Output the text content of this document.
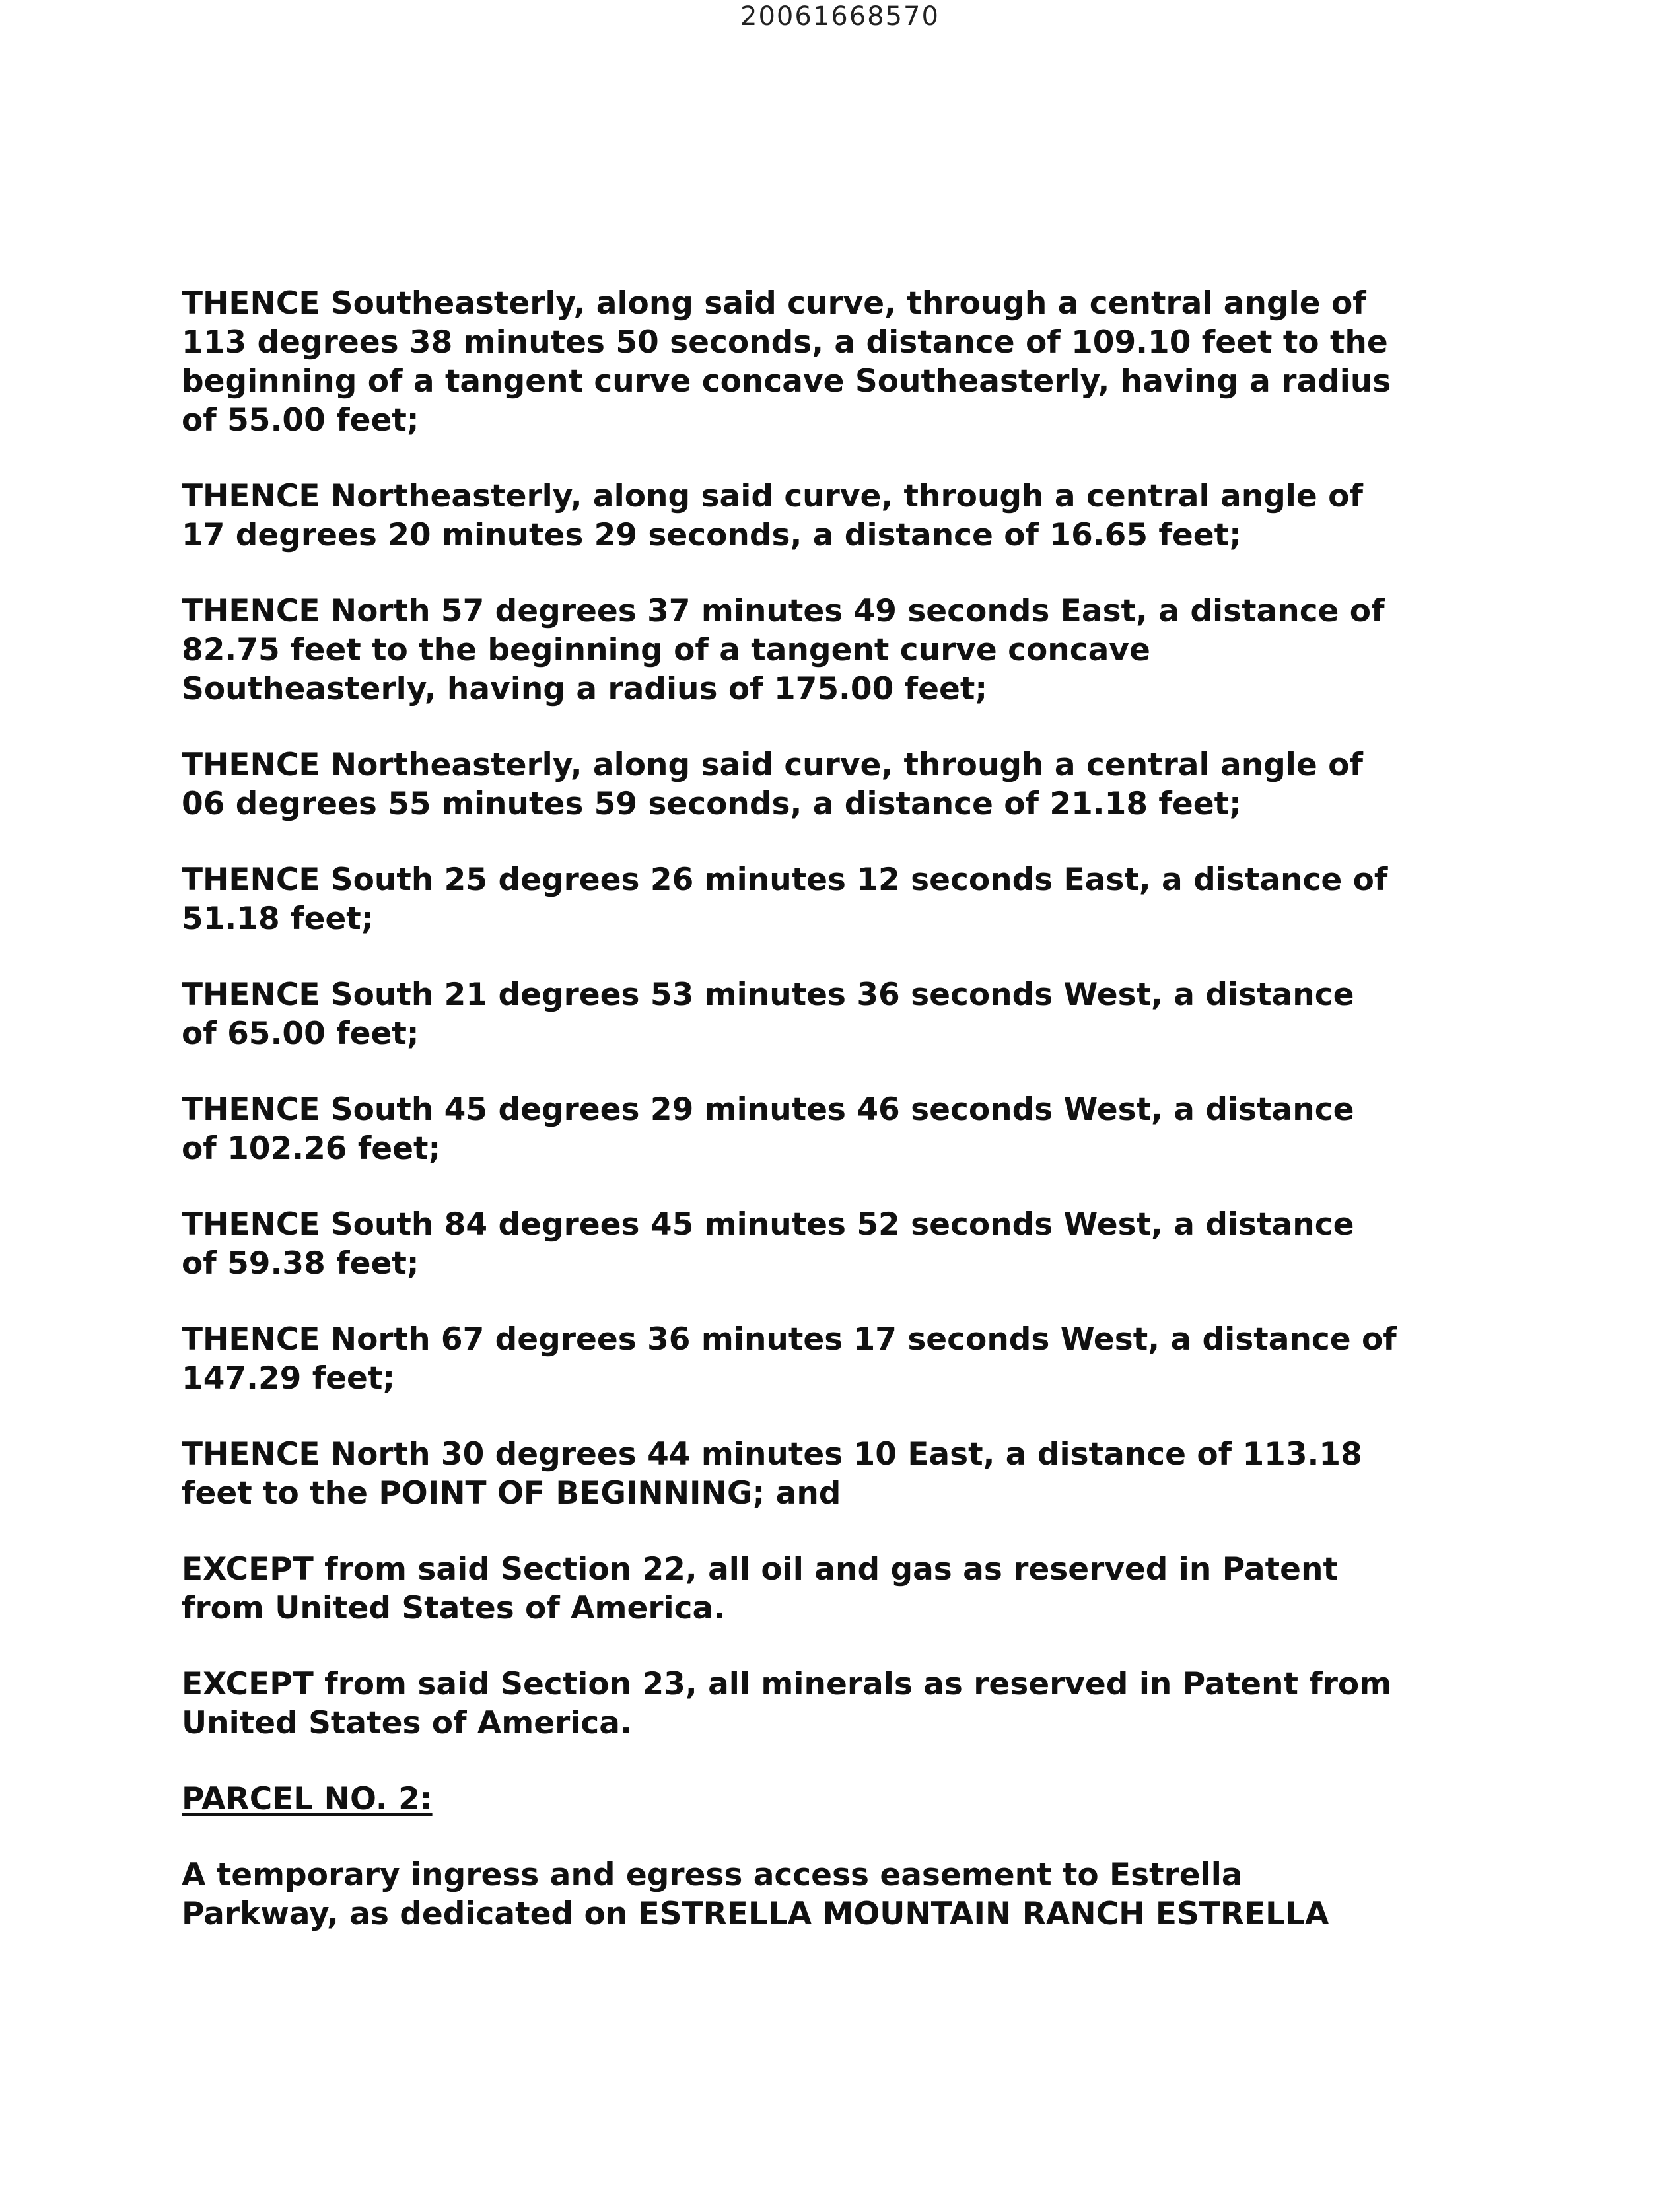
20061668570

THENCE Southeasterly, along said curve, through a central angle of
113 degrees 38 minutes 50 seconds, a distance of 109.10 feet to the
beginning of a tangent curve concave Southeasterly, having a radius
of 55.00 feet;

THENCE Northeasterly, along said curve, through a central angle of
17 degrees 20 minutes 29 seconds, a distance of 16.65 feet;

THENCE North 57 degrees 37 minutes 49 seconds East, a distance of
82.75 feet to the beginning of a tangent curve concave
Southeasterly, having a radius of 175.00 feet;

THENCE Northeasterly, along said curve, through a central angle of
06 degrees 55 minutes 59 seconds, a distance of 21.18 feet;

THENCE South 25 degrees 26 minutes 12 seconds East, a distance of
51.18 feet;

THENCE South 21 degrees 53 minutes 36 seconds West, a distance
of 65.00 feet;

THENCE South 45 degrees 29 minutes 46 seconds West, a distance
of 102.26 feet;

THENCE South 84 degrees 45 minutes 52 seconds West, a distance
of 59.38 feet;

THENCE North 67 degrees 36 minutes 17 seconds West, a distance of
147.29 feet;

THENCE North 30 degrees 44 minutes 10 East, a distance of 113.18
feet to the POINT OF BEGINNING; and

EXCEPT from said Section 22, all oil and gas as reserved in Patent
from United States of America.

EXCEPT from said Section 23, all minerals as reserved in Patent from
United States of America.

PARCEL NO. 2:

A temporary ingress and egress access easement to Estrella
Parkway, as dedicated on ESTRELLA MOUNTAIN RANCH ESTRELLA
